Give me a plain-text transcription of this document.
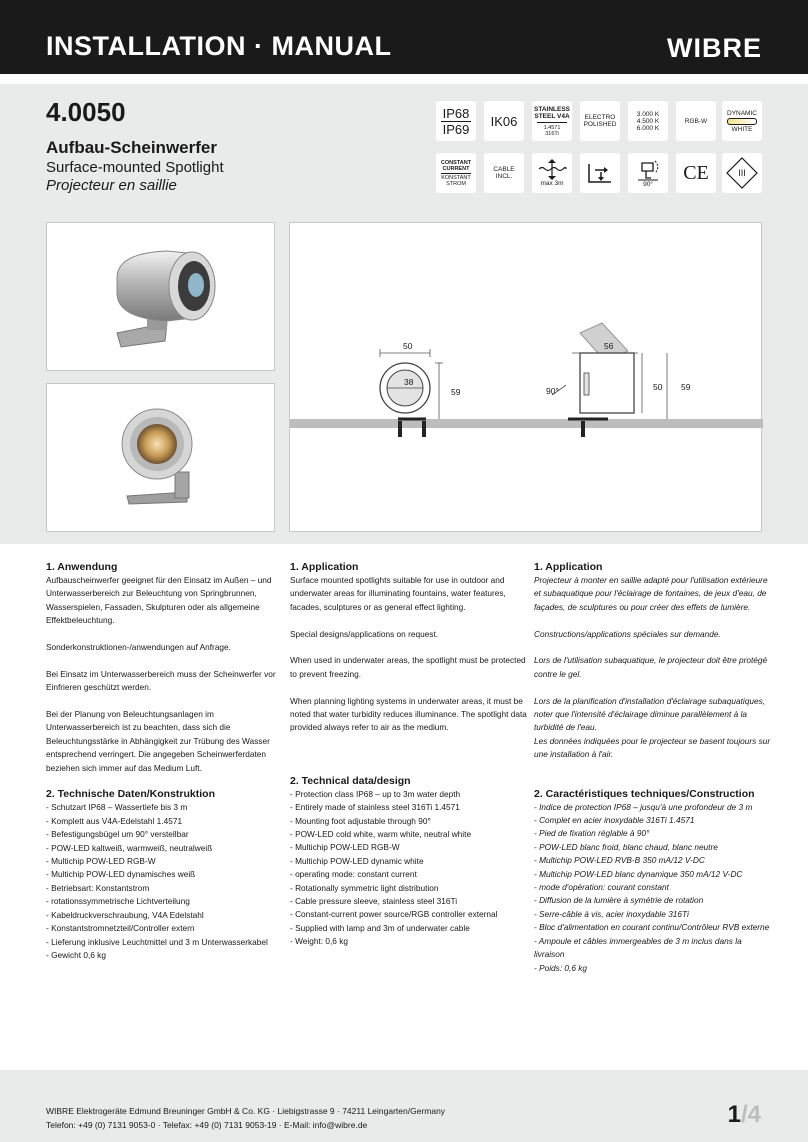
INSTALLATION · MANUAL	WIBRE
4.0050
Aufbau-Scheinwerfer
Surface-mounted Spotlight
Projecteur en saillie
IP68
IP69
IK06
STAINLESS
STEEL V4A
1.4571
316Ti
ELECTRO
POLISHED
3.000 K
4.500 K
6.000 K
RGB-W
DYNAMIC
WHITE
CONSTANT
CURRENT
KONSTANT
STROM
CABLE
INCL.
max 3m	90°
CE	III
50
38
59
56
90°	50 59
1. Anwendung

Aufbauscheinwerfer geeignet für den Einsatz im Außen – und Unterwasserbereich zur Beleuchtung von Springbrunnen, Wasserspielen, Fassaden, Skulpturen oder als allgemeine Effektbeleuchtung.

Sonderkonstruktionen-/anwendungen auf Anfrage.

Bei Einsatz im Unterwasserbereich muss der Scheinwerfer vor Einfrieren geschützt werden.

Bei der Planung von Beleuchtungsanlagen im Unterwasserbereich ist zu beachten, dass sich die Beleuchtungsstärke in Abhängigkeit zur Trübung des Wasser entsprechend verringert. Die angegeben Scheinwerferdaten beziehen sich immer auf das Medium Luft.

2. Technische Daten/Konstruktion
- Schutzart IP68 – Wassertiefe bis 3 m
- Komplett aus V4A-Edelstahl 1.4571
- Befestigungsbügel um 90° verstellbar
- POW-LED kaltweiß, warmweiß, neutralweiß
- Multichip POW-LED RGB-W
- Multichip POW-LED dynamisches weiß
- Betriebsart: Konstantstrom
- rotationssymmetrische Lichtverteilung
- Kabeldruckverschraubung, V4A Edelstahl
- Konstantstromnetzteil/Controller extern
- Lieferung inklusive Leuchtmittel und 3 m Unterwasserkabel
- Gewicht 0,6 kg
1. Application

Surface mounted spotlights suitable for use in outdoor and underwater areas for illuminating fountains, water features, facades, sculptures or as general effect lighting.

Special designs/applications on request.

When used in underwater areas, the spotlight must be protected to prevent freezing.

When planning lighting systems in underwater areas, it must be noted that water turbidity reduces illuminance. The spotlight data provided always refer to air as the medium.

2. Technical data/design
- Protection class IP68 – up to 3m water depth
- Entirely made of stainless steel 316Ti 1.4571
- Mounting foot adjustable through 90°
- POW-LED cold white, warm white, neutral white
- Multichip POW-LED RGB-W
- Multichip POW-LED dynamic white
- operating mode: constant current
- Rotationally symmetric light distribution
- Cable pressure sleeve, stainless steel 316Ti
- Constant-current power source/RGB controller external
- Supplied with lamp and 3m of underwater cable
- Weight: 0,6 kg
1. Application

Projecteur à monter en saillie adapté pour l'utilisation extérieure et subaquatique pour l'éclairage de fontaines, de jeux d'eau, de façades, de sculptures ou pour créer des effets de lumière.

Constructions/applications spéciales sur demande.

Lors de l'utilisation subaquatique, le projecteur doit être protégé contre le gel.

Lors de la planification d'installation d'éclairage subaquatiques, noter que l'intensité d'éclairage diminue parallèlement à la turbidité de l'eau.

Les données indiquées pour le projecteur se basent toujours sur une installation à l'air.

2. Caractéristiques techniques/Construction
- Indice de protection IP68 – jusqu'à une profondeur de 3 m
- Complet en acier inoxydable 316Ti 1.4571
- Pied de fixation réglable à 90°
- POW-LED blanc froid, blanc chaud, blanc neutre
- Multichip POW-LED RVB-B 350 mA/12 V-DC
- Multichip POW-LED blanc dynamique 350 mA/12 V-DC
- mode d'opération: courant constant
- Diffusion de la lumière à symétrie de rotation
- Serre-câble à vis, acier inoxydable 316Ti
- Bloc d'alimentation en courant continu/Contrôleur RVB externe
- Ampoule et câbles immergeables de 3 m inclus dans la livraison
- Poids: 0,6 kg
WIBRE Elektrogeräte Edmund Breuninger GmbH & Co. KG · Liebigstrasse 9 · 74211 Leingarten/Germany
Telefon: +49 (0) 7131 9053-0 · Telefax: +49 (0) 7131 9053-19 · E-Mail: info@wibre.de	1/4
